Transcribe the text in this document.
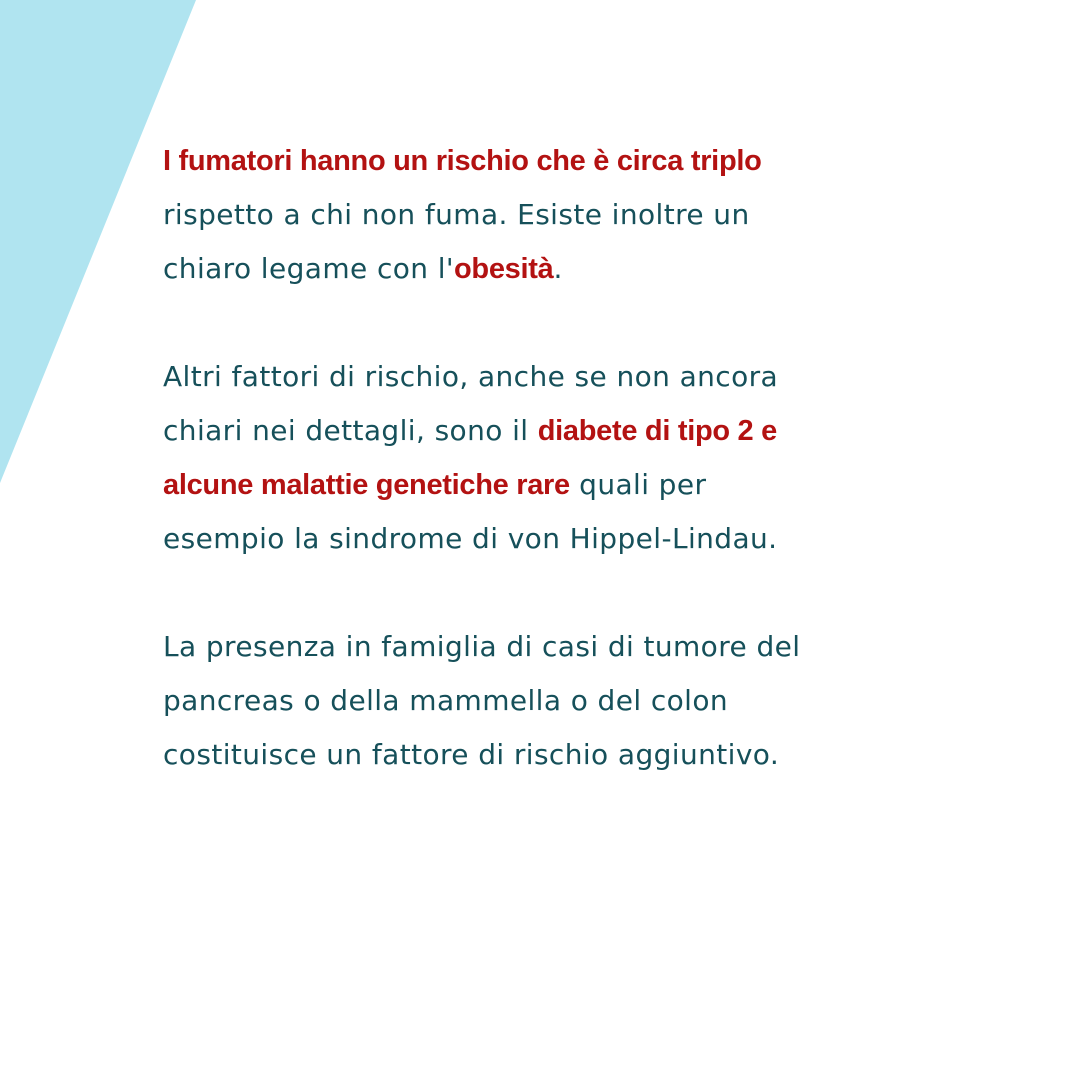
I fumatori hanno un rischio che è circa triplo
rispetto a chi non fuma. Esiste inoltre un
chiaro legame con l'obesità.

Altri fattori di rischio, anche se non ancora
chiari nei dettagli, sono il diabete di tipo 2 e
alcune malattie genetiche rare quali per
esempio la sindrome di von Hippel-Lindau.

La presenza in famiglia di casi di tumore del
pancreas o della mammella o del colon
costituisce un fattore di rischio aggiuntivo.
